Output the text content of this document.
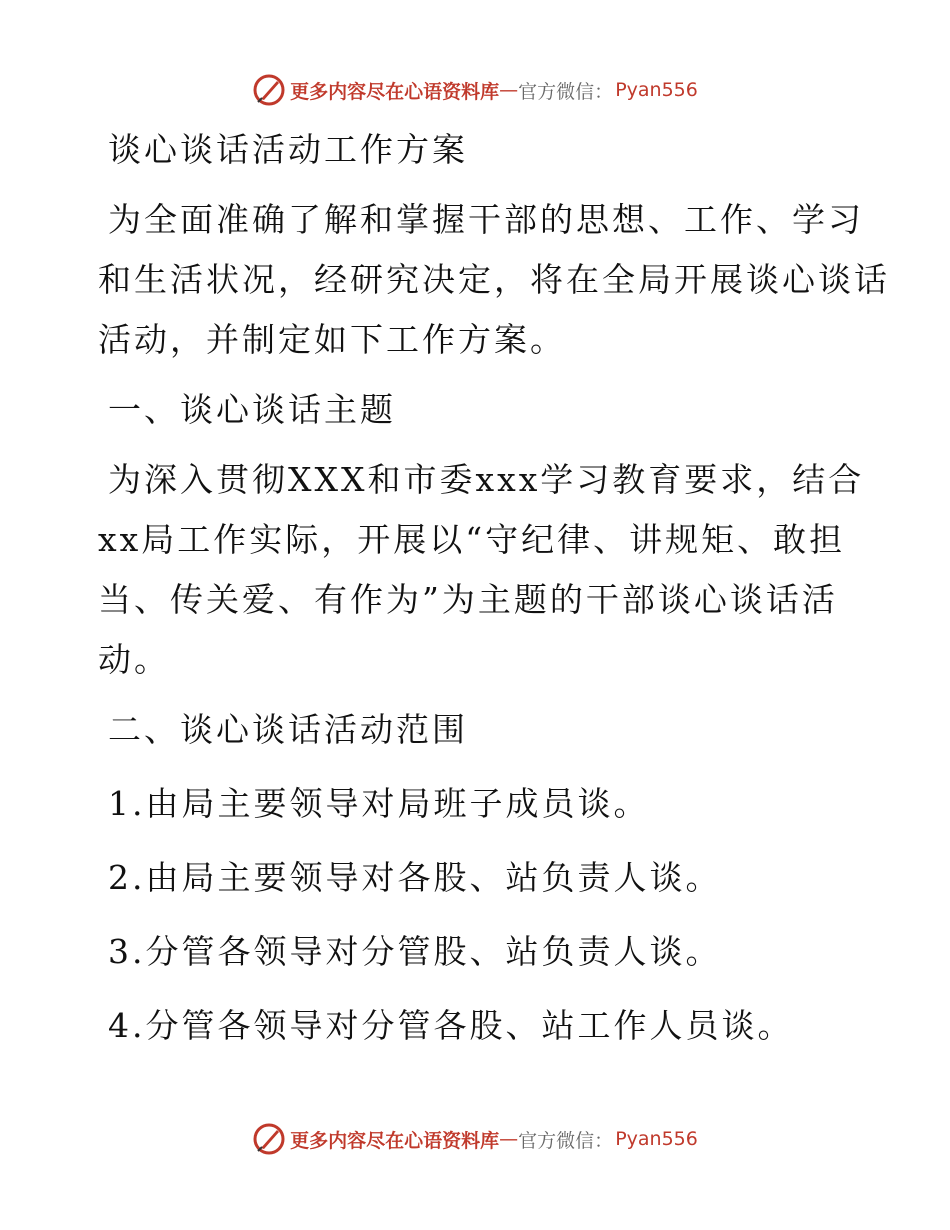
更多内容尽在心语资料库 — 官方微信： Pyan556
谈心谈话活动工作方案
为全面准确了解和掌握干部的思想、工作、学习
和生活状况，经研究决定，将在全局开展谈心谈话
活动，并制定如下工作方案。
一、谈心谈话主题
为深入贯彻XXX和市委xxx学习教育要求，结合
xx局工作实际，开展以“守纪律、讲规矩、敢担
当、传关爱、有作为”为主题的干部谈心谈话活
动。
二、谈心谈话活动范围
1.由局主要领导对局班子成员谈。
2.由局主要领导对各股、站负责人谈。
3.分管各领导对分管股、站负责人谈。
4.分管各领导对分管各股、站工作人员谈。
更多内容尽在心语资料库 — 官方微信： Pyan556
